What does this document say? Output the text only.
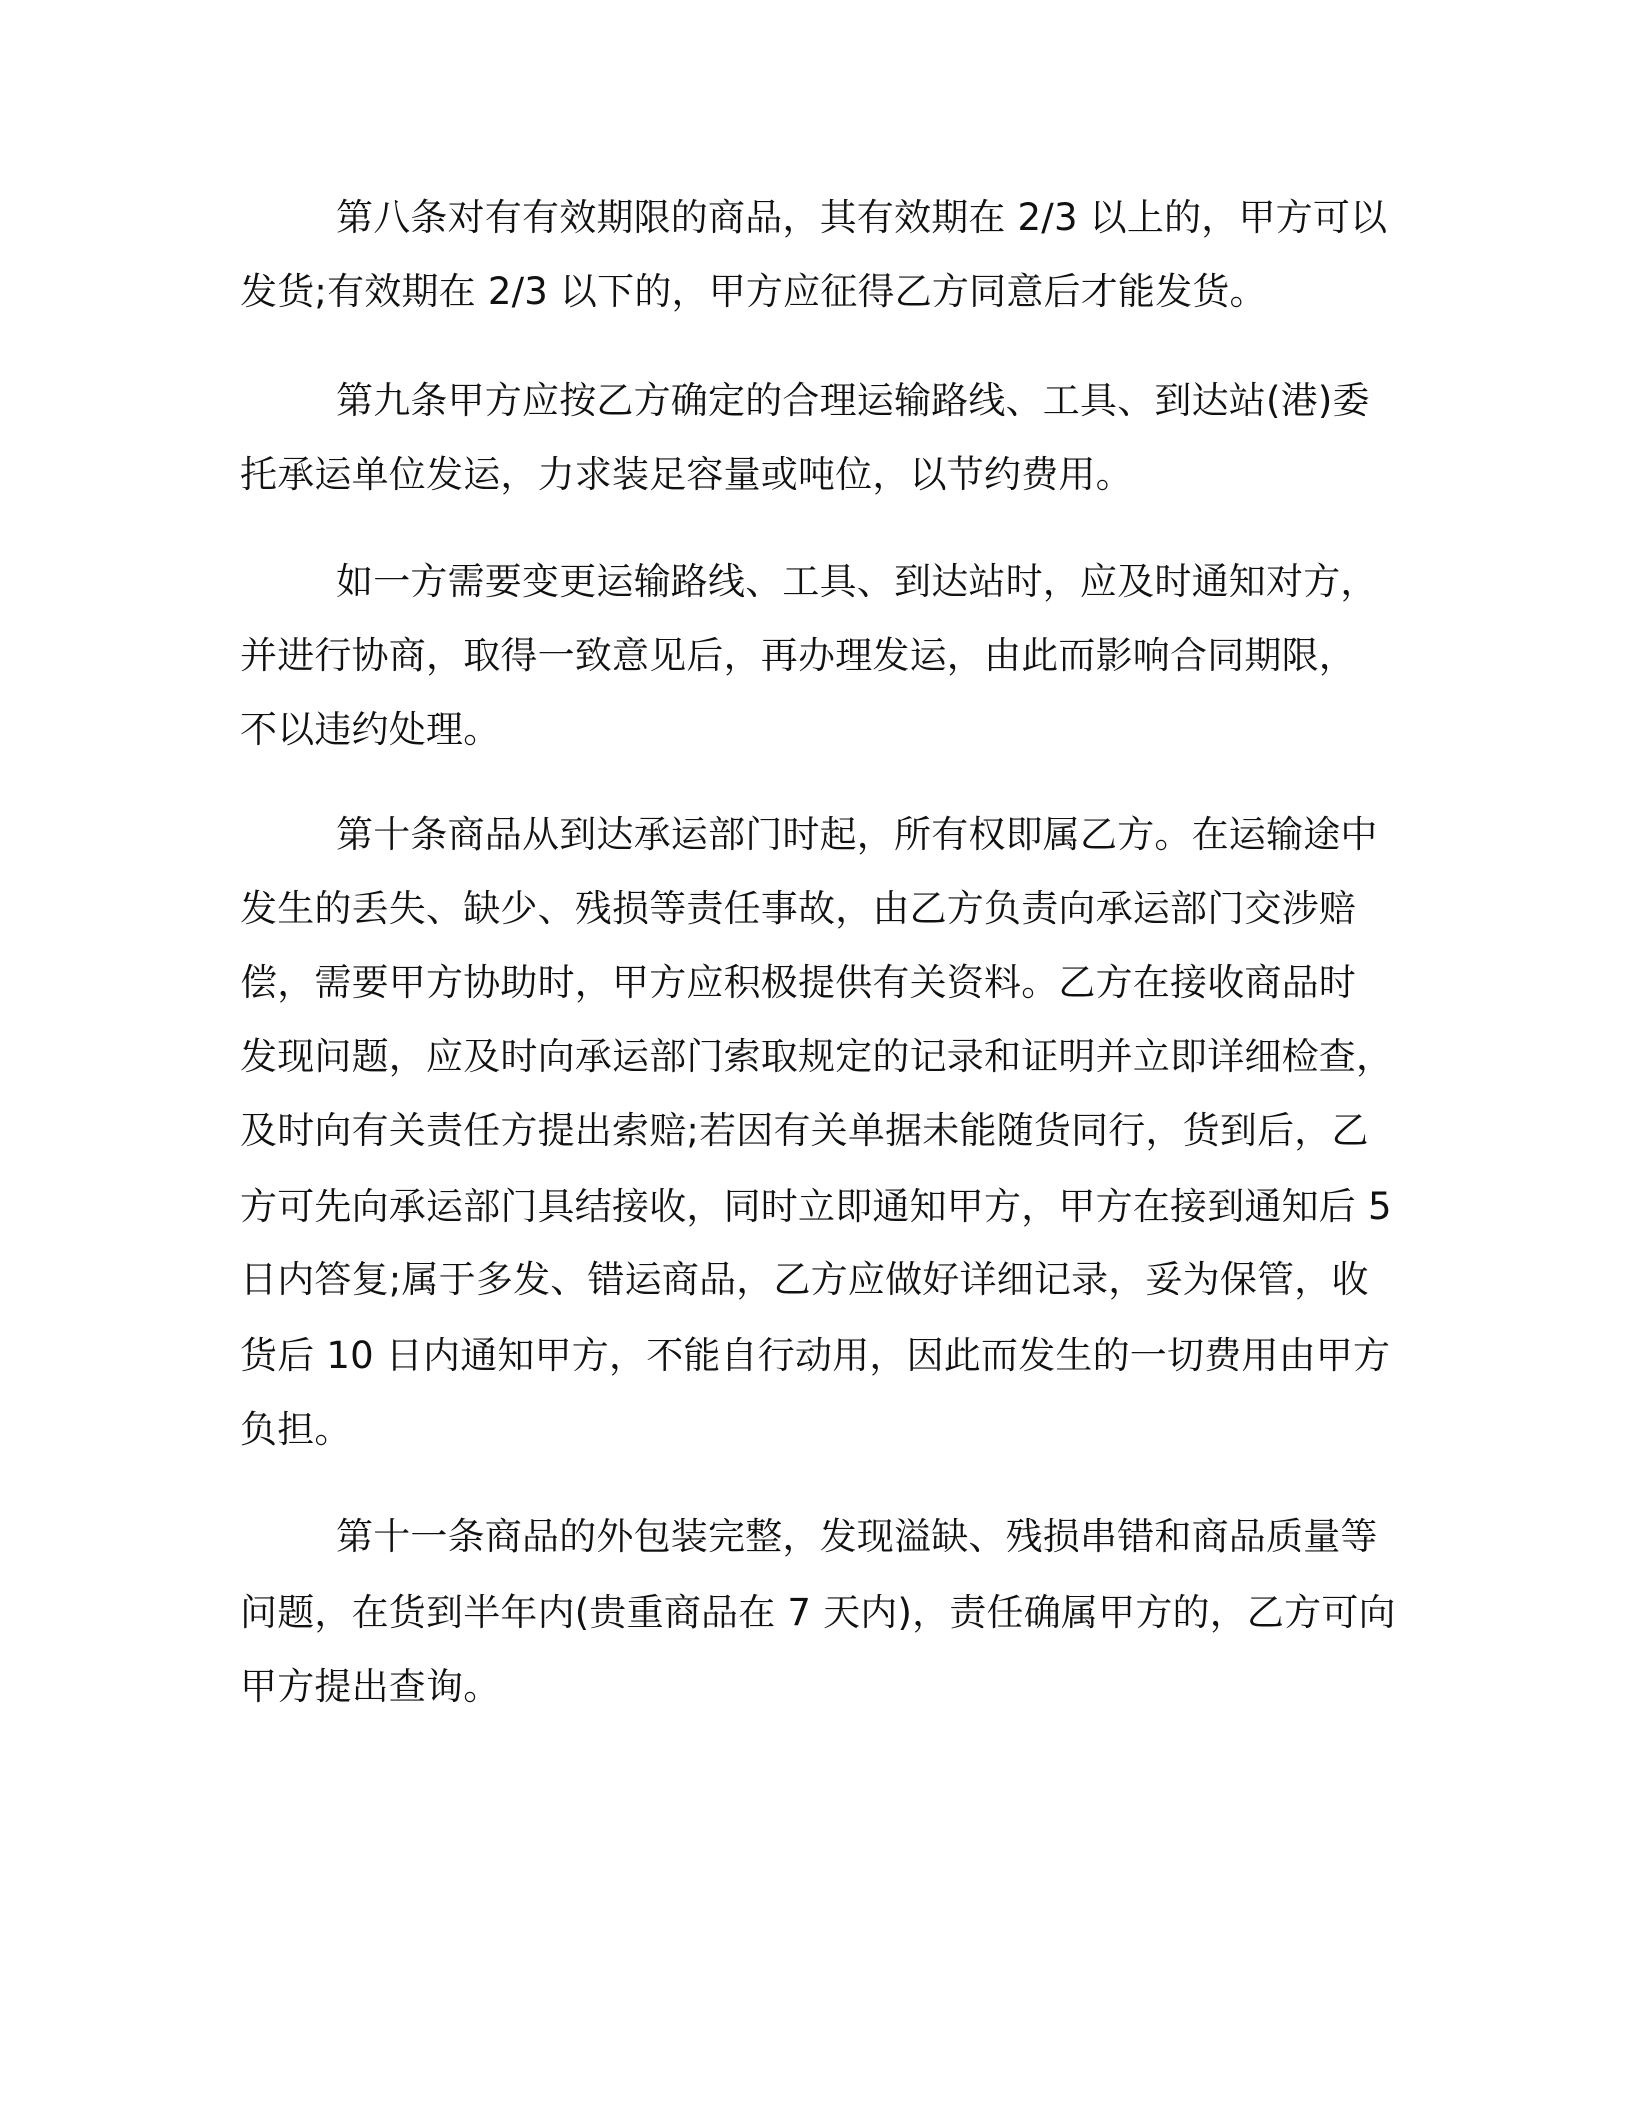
第八条对有有效期限的商品，其有效期在 2/3 以上的，甲方可以

发货;有效期在 2/3 以下的，甲方应征得乙方同意后才能发货。

第九条甲方应按乙方确定的合理运输路线、工具、到达站(港)委

托承运单位发运，力求装足容量或吨位，以节约费用。

如一方需要变更运输路线、工具、到达站时，应及时通知对方，

并进行协商，取得一致意见后，再办理发运，由此而影响合同期限，

不以违约处理。

第十条商品从到达承运部门时起，所有权即属乙方。在运输途中

发生的丢失、缺少、残损等责任事故，由乙方负责向承运部门交涉赔

偿，需要甲方协助时，甲方应积极提供有关资料。乙方在接收商品时

发现问题，应及时向承运部门索取规定的记录和证明并立即详细检查，

及时向有关责任方提出索赔;若因有关单据未能随货同行，货到后，乙

方可先向承运部门具结接收，同时立即通知甲方，甲方在接到通知后 5

日内答复;属于多发、错运商品，乙方应做好详细记录，妥为保管，收

货后 10 日内通知甲方，不能自行动用，因此而发生的一切费用由甲方

负担。

第十一条商品的外包装完整，发现溢缺、残损串错和商品质量等

问题，在货到半年内(贵重商品在 7 天内)，责任确属甲方的，乙方可向

甲方提出查询。
